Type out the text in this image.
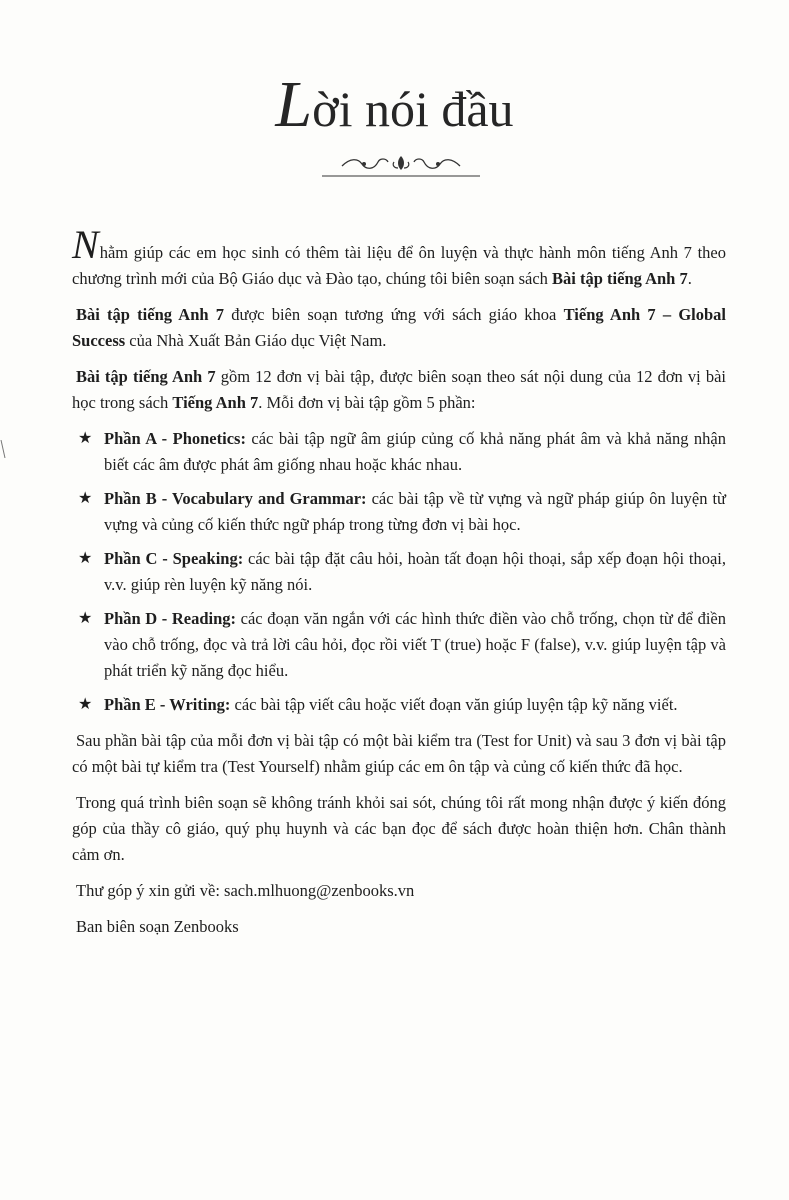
Lời nói đầu

Nhằm giúp các em học sinh có thêm tài liệu để ôn luyện và thực hành môn tiếng Anh 7 theo chương trình mới của Bộ Giáo dục và Đào tạo, chúng tôi biên soạn sách Bài tập tiếng Anh 7.

Bài tập tiếng Anh 7 được biên soạn tương ứng với sách giáo khoa Tiếng Anh 7 – Global Success của Nhà Xuất Bản Giáo dục Việt Nam.

Bài tập tiếng Anh 7 gồm 12 đơn vị bài tập, được biên soạn theo sát nội dung của 12 đơn vị bài học trong sách Tiếng Anh 7. Mỗi đơn vị bài tập gồm 5 phần:

★ Phần A - Phonetics: các bài tập ngữ âm giúp củng cố khả năng phát âm và khả năng nhận biết các âm được phát âm giống nhau hoặc khác nhau.
★ Phần B - Vocabulary and Grammar: các bài tập về từ vựng và ngữ pháp giúp ôn luyện từ vựng và củng cố kiến thức ngữ pháp trong từng đơn vị bài học.
★ Phần C - Speaking: các bài tập đặt câu hỏi, hoàn tất đoạn hội thoại, sắp xếp đoạn hội thoại, v.v. giúp rèn luyện kỹ năng nói.
★ Phần D - Reading: các đoạn văn ngắn với các hình thức điền vào chỗ trống, chọn từ để điền vào chỗ trống, đọc và trả lời câu hỏi, đọc rồi viết T (true) hoặc F (false), v.v. giúp luyện tập và phát triển kỹ năng đọc hiểu.
★ Phần E - Writing: các bài tập viết câu hoặc viết đoạn văn giúp luyện tập kỹ năng viết.

Sau phần bài tập của mỗi đơn vị bài tập có một bài kiểm tra (Test for Unit) và sau 3 đơn vị bài tập có một bài tự kiểm tra (Test Yourself) nhằm giúp các em ôn tập và củng cố kiến thức đã học.

Trong quá trình biên soạn sẽ không tránh khỏi sai sót, chúng tôi rất mong nhận được ý kiến đóng góp của thầy cô giáo, quý phụ huynh và các bạn đọc để sách được hoàn thiện hơn. Chân thành cảm ơn.

Thư góp ý xin gửi về: sach.mlhuong@zenbooks.vn

Ban biên soạn Zenbooks
